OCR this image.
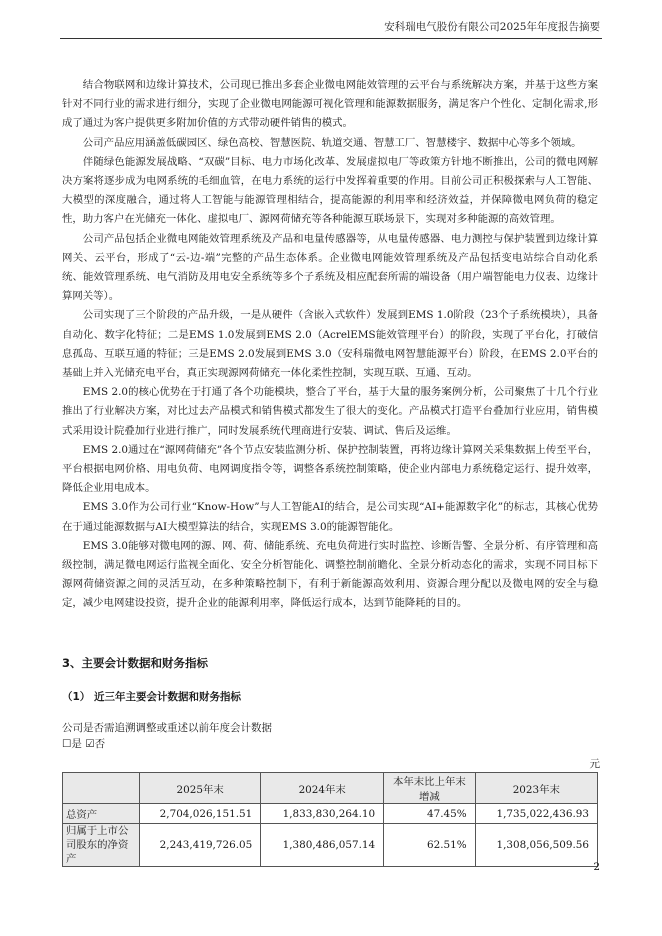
安科瑞电气股份有限公司2025年年度报告摘要

结合物联网和边缘计算技术，公司现已推出多套企业微电网能效管理的云平台与系统解决方案，并基于这些方案针对不同行业的需求进行细分，实现了企业微电网能源可视化管理和能源数据服务，满足客户个性化、定制化需求,形成了通过为客户提供更多附加价值的方式带动硬件销售的模式。

公司产品应用涵盖低碳园区、绿色高校、智慧医院、轨道交通、智慧工厂、智慧楼宇、数据中心等多个领域。

伴随绿色能源发展战略、“双碳”目标、电力市场化改革、发展虚拟电厂等政策方针地不断推出，公司的微电网解决方案将逐步成为电网系统的毛细血管，在电力系统的运行中发挥着重要的作用。目前公司正积极探索与人工智能、大模型的深度融合，通过将人工智能与能源管理相结合，提高能源的利用率和经济效益，并保障微电网负荷的稳定性，助力客户在光储充一体化、虚拟电厂、源网荷储充等各种能源互联场景下，实现对多种能源的高效管理。

公司产品包括企业微电网能效管理系统及产品和电量传感器等，从电量传感器、电力测控与保护装置到边缘计算网关、云平台，形成了“云-边-端”完整的产品生态体系。企业微电网能效管理系统及产品包括变电站综合自动化系统、能效管理系统、电气消防及用电安全系统等多个子系统及相应配套所需的端设备（用户端智能电力仪表、边缘计算网关等）。

公司实现了三个阶段的产品升级，一是从硬件（含嵌入式软件）发展到EMS 1.0阶段（23个子系统模块），具备自动化、数字化特征；二是EMS 1.0发展到EMS 2.0（AcrelEMS能效管理平台）的阶段，实现了平台化，打破信息孤岛、互联互通的特征；三是EMS 2.0发展到EMS 3.0（安科瑞微电网智慧能源平台）阶段，在EMS 2.0平台的基础上并入光储充电平台，真正实现源网荷储充一体化柔性控制，实现互联、互通、互动。

EMS 2.0的核心优势在于打通了各个功能模块，整合了平台，基于大量的服务案例分析，公司聚焦了十几个行业推出了行业解决方案，对比过去产品模式和销售模式都发生了很大的变化。产品模式打造平台叠加行业应用，销售模式采用设计院叠加行业进行推广，同时发展系统代理商进行安装、调试、售后及运维。

EMS 2.0通过在“源网荷储充”各个节点安装监测分析、保护控制装置，再将边缘计算网关采集数据上传至平台，平台根据电网价格、用电负荷、电网调度指令等，调整各系统控制策略，使企业内部电力系统稳定运行、提升效率，降低企业用电成本。

EMS 3.0作为公司行业“Know-How”与人工智能AI的结合，是公司实现“AI+能源数字化”的标志，其核心优势在于通过能源数据与AI大模型算法的结合，实现EMS 3.0的能源智能化。

EMS 3.0能够对微电网的源、网、荷、储能系统、充电负荷进行实时监控、诊断告警、全景分析、有序管理和高级控制，满足微电网运行监视全面化、安全分析智能化、调整控制前瞻化、全景分析动态化的需求，实现不同目标下源网荷储资源之间的灵活互动，在多种策略控制下，有利于新能源高效利用、资源合理分配以及微电网的安全与稳定，减少电网建设投资，提升企业的能源利用率，降低运行成本，达到节能降耗的目的。

3、主要会计数据和财务指标
（1） 近三年主要会计数据和财务指标
公司是否需追溯调整或重述以前年度会计数据
☐是 ☑否
元
	2025年末	2024年末	本年末比上年末增减	2023年末
总资产	2,704,026,151.51	1,833,830,264.10	47.45%	1,735,022,436.93
归属于上市公司股东的净资产	2,243,419,726.05	1,380,486,057.14	62.51%	1,308,056,509.56
2
